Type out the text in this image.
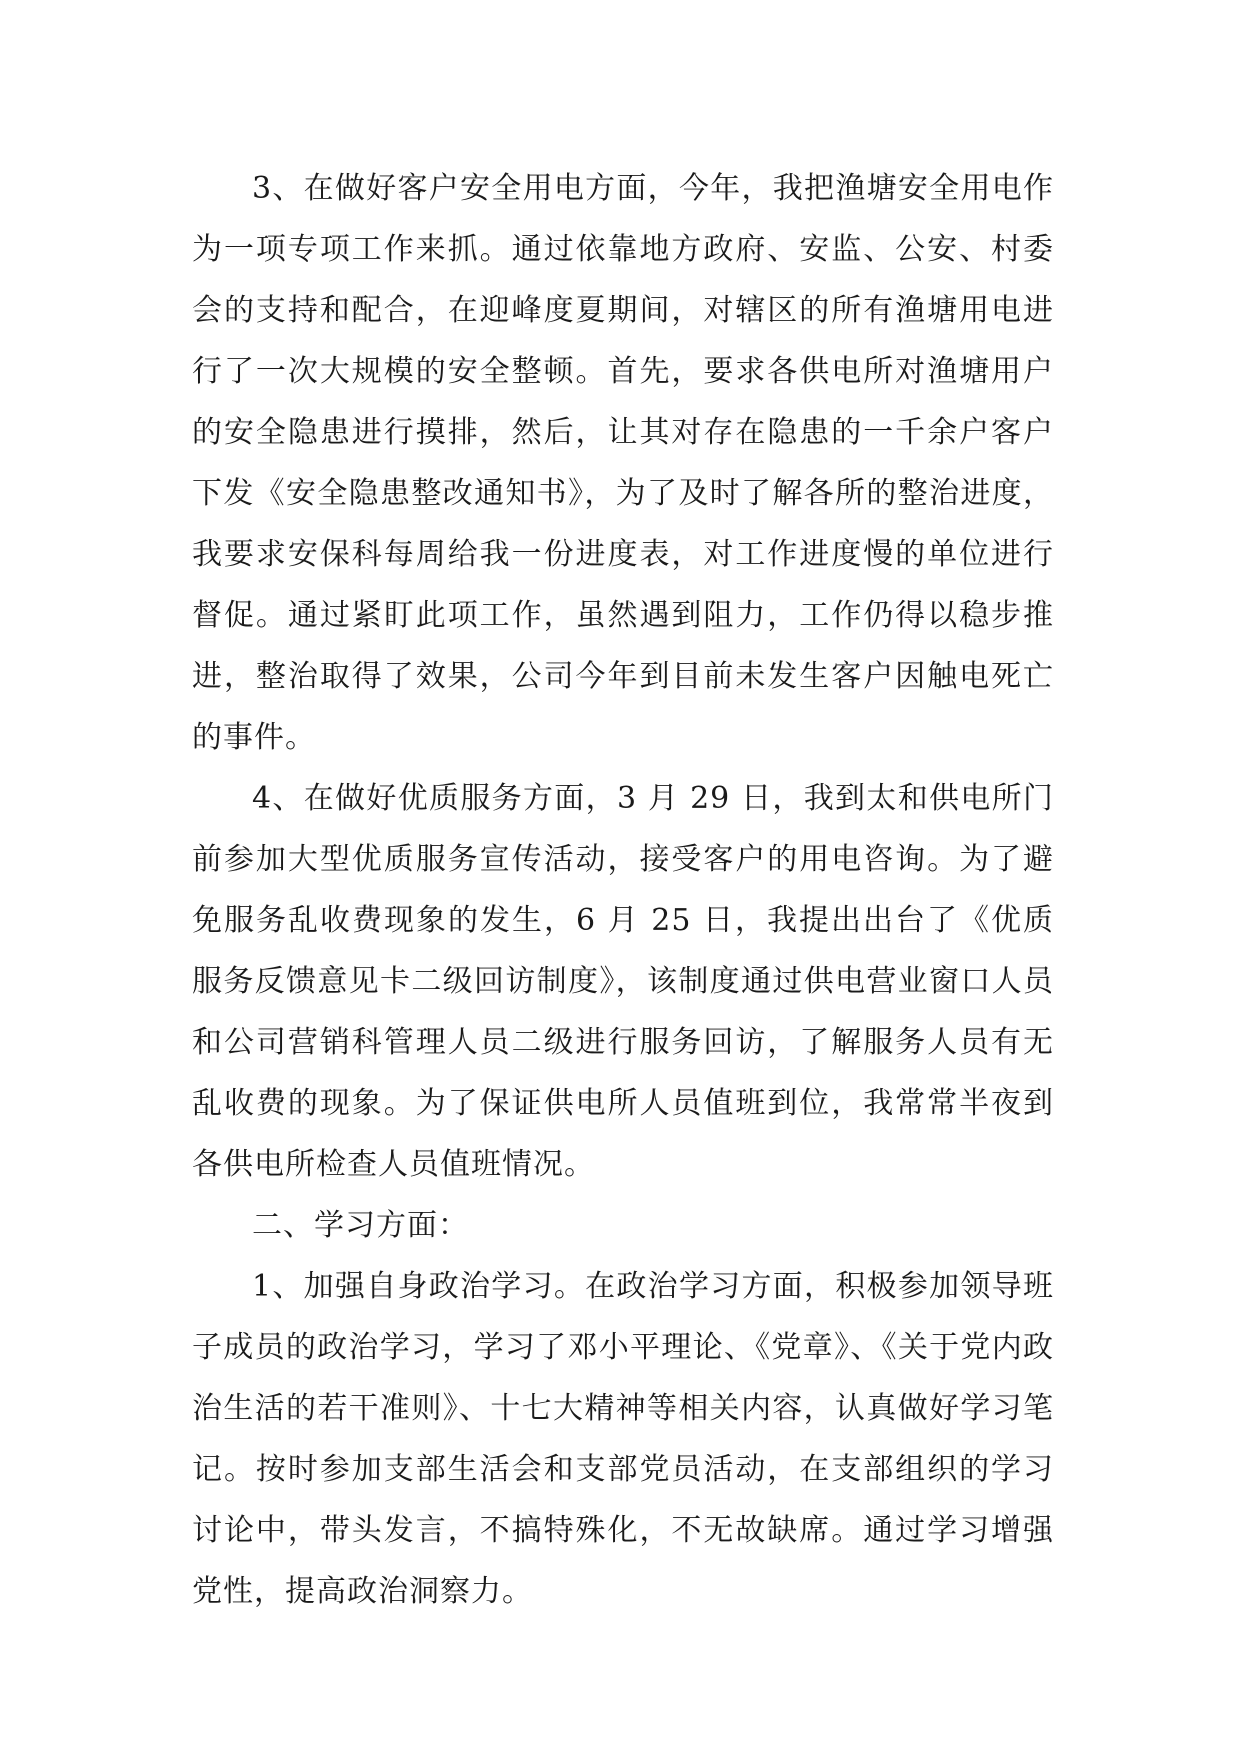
3、在做好客户安全用电方面，今年，我把渔塘安全用电作为一项专项工作来抓。通过依靠地方政府、安监、公安、村委会的支持和配合，在迎峰度夏期间，对辖区的所有渔塘用电进行了一次大规模的安全整顿。首先，要求各供电所对渔塘用户的安全隐患进行摸排，然后，让其对存在隐患的一千余户客户下发《安全隐患整改通知书》，为了及时了解各所的整治进度，我要求安保科每周给我一份进度表，对工作进度慢的单位进行督促。通过紧盯此项工作，虽然遇到阻力，工作仍得以稳步推进，整治取得了效果，公司今年到目前未发生客户因触电死亡的事件。

4、在做好优质服务方面，3 月 29 日，我到太和供电所门前参加大型优质服务宣传活动，接受客户的用电咨询。为了避免服务乱收费现象的发生，6 月 25 日，我提出出台了《优质服务反馈意见卡二级回访制度》，该制度通过供电营业窗口人员和公司营销科管理人员二级进行服务回访，了解服务人员有无乱收费的现象。为了保证供电所人员值班到位，我常常半夜到各供电所检查人员值班情况。

二、学习方面：

1、加强自身政治学习。在政治学习方面，积极参加领导班子成员的政治学习，学习了邓小平理论、《党章》、《关于党内政治生活的若干准则》、十七大精神等相关内容，认真做好学习笔记。按时参加支部生活会和支部党员活动，在支部组织的学习讨论中，带头发言，不搞特殊化，不无故缺席。通过学习增强党性，提高政治洞察力。
